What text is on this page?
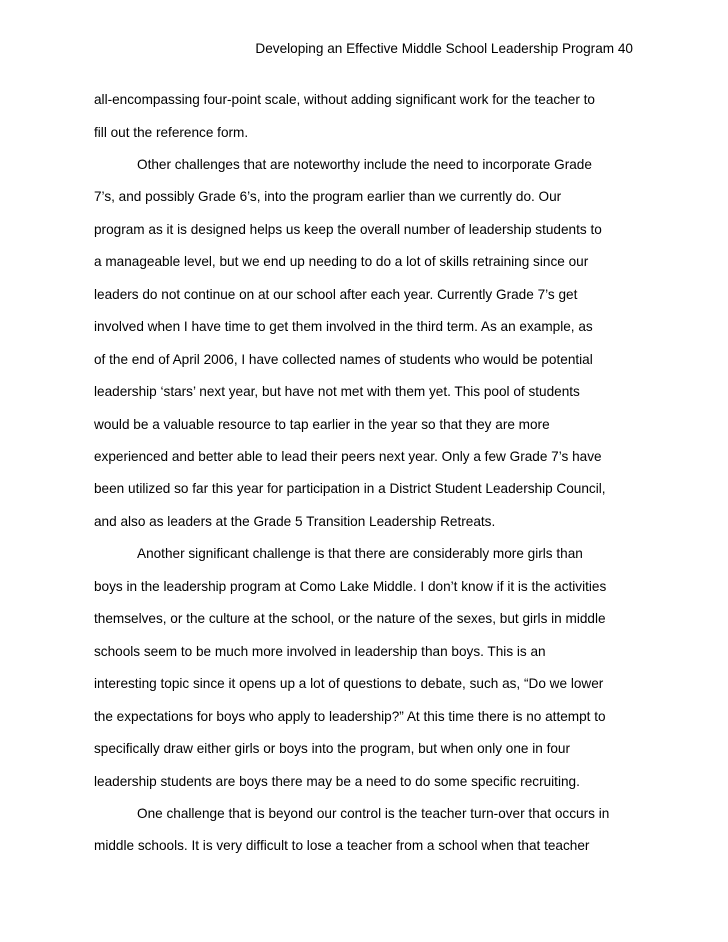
Developing an Effective Middle School Leadership Program 40
all-encompassing four-point scale, without adding significant work for the teacher to
fill out the reference form.
Other challenges that are noteworthy include the need to incorporate Grade
7’s, and possibly Grade 6’s, into the program earlier than we currently do. Our
program as it is designed helps us keep the overall number of leadership students to
a manageable level, but we end up needing to do a lot of skills retraining since our
leaders do not continue on at our school after each year. Currently Grade 7’s get
involved when I have time to get them involved in the third term. As an example, as
of the end of April 2006, I have collected names of students who would be potential
leadership ‘stars’ next year, but have not met with them yet. This pool of students
would be a valuable resource to tap earlier in the year so that they are more
experienced and better able to lead their peers next year. Only a few Grade 7’s have
been utilized so far this year for participation in a District Student Leadership Council,
and also as leaders at the Grade 5 Transition Leadership Retreats.
Another significant challenge is that there are considerably more girls than
boys in the leadership program at Como Lake Middle. I don’t know if it is the activities
themselves, or the culture at the school, or the nature of the sexes, but girls in middle
schools seem to be much more involved in leadership than boys. This is an
interesting topic since it opens up a lot of questions to debate, such as, “Do we lower
the expectations for boys who apply to leadership?” At this time there is no attempt to
specifically draw either girls or boys into the program, but when only one in four
leadership students are boys there may be a need to do some specific recruiting.
One challenge that is beyond our control is the teacher turn-over that occurs in
middle schools. It is very difficult to lose a teacher from a school when that teacher
